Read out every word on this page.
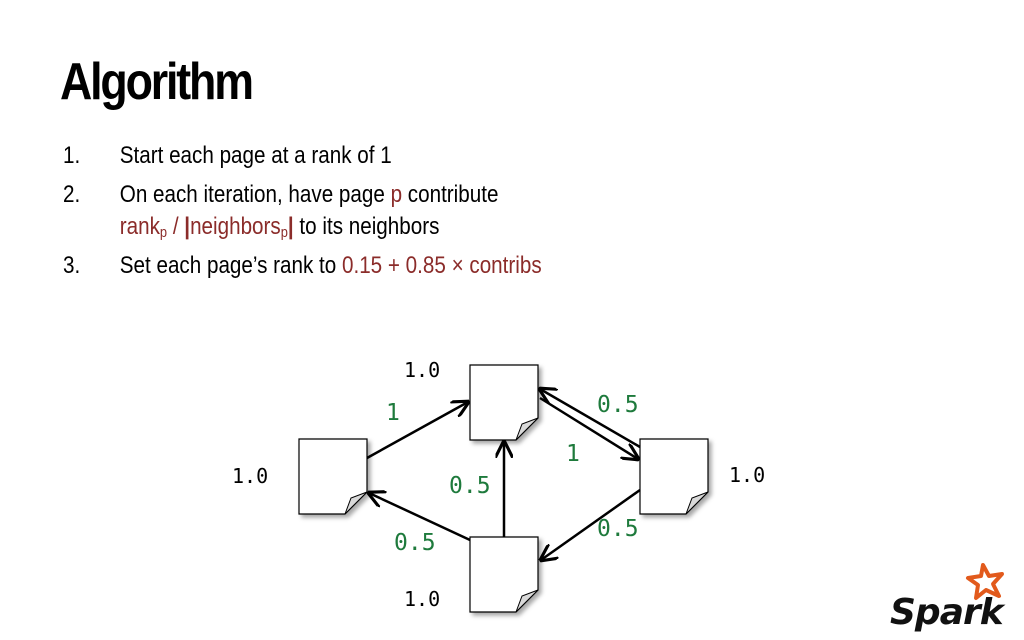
Algorithm
1. Start each page at a rank of 1
2. On each iteration, have page p contribute
rank$_p$ / |neighbors$_p$| to its neighbors
3. Set each page’s rank to 0.15 + 0.85 × contribs
1.0
1.0	1.0
1.0
1
1
0.5
0.5
0.5
0.5
Spark
